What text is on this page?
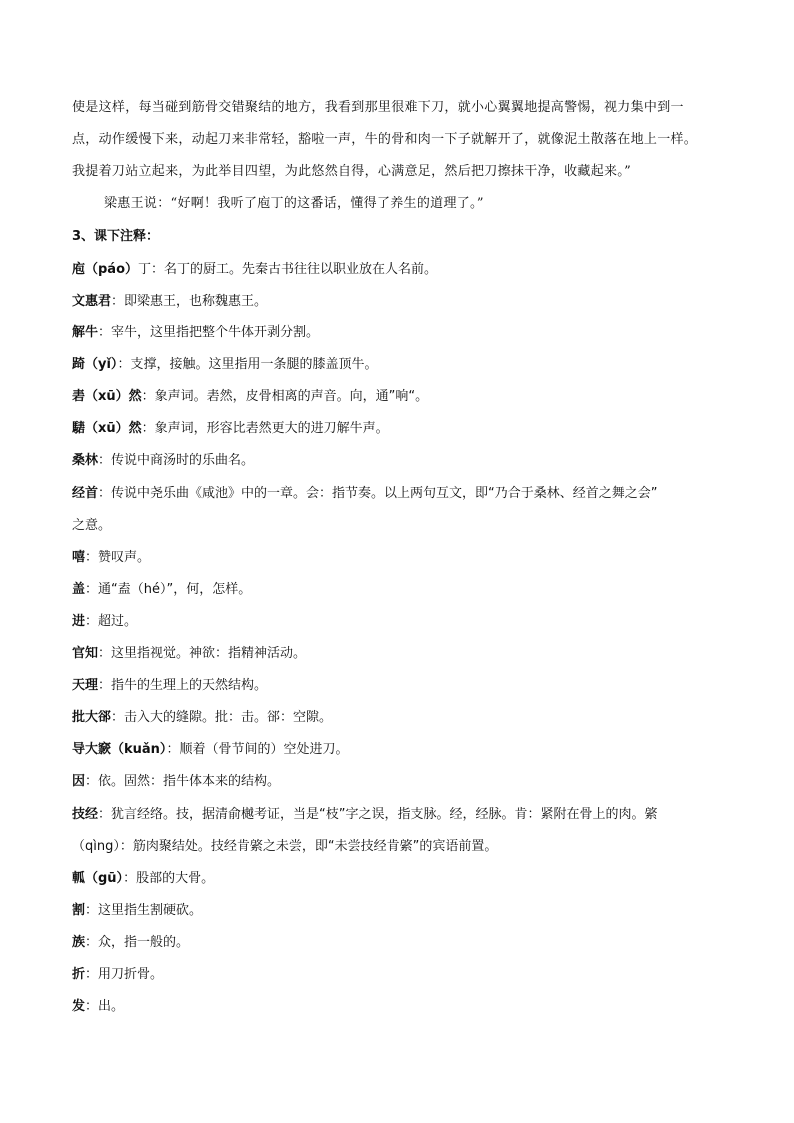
使是这样，每当碰到筋骨交错聚结的地方，我看到那里很难下刀，就小心翼翼地提高警惕，视力集中到一
点，动作缓慢下来，动起刀来非常轻，豁啦一声，牛的骨和肉一下子就解开了，就像泥土散落在地上一样。
我提着刀站立起来，为此举目四望，为此悠然自得，心满意足，然后把刀擦抹干净，收藏起来。”
梁惠王说：“好啊！我听了庖丁的这番话，懂得了养生的道理了。”
3、课下注释：
庖（páo）丁：名丁的厨工。先秦古书往往以职业放在人名前。
文惠君：即梁惠王，也称魏惠王。
解牛：宰牛，这里指把整个牛体开剥分割。
踦（yǐ）：支撑，接触。这里指用一条腿的膝盖顶牛。
砉（xū）然：象声词。砉然，皮骨相离的声音。向，通”响“。
騞（xū）然：象声词，形容比砉然更大的进刀解牛声。
桑林：传说中商汤时的乐曲名。
经首：传说中尧乐曲《咸池》中的一章。会：指节奏。以上两句互文，即“乃合于桑林、经首之舞之会”
之意。
嘻：赞叹声。
盖：通“盍（hé）”，何，怎样。
进：超过。
官知：这里指视觉。神欲：指精神活动。
天理：指牛的生理上的天然结构。
批大郤：击入大的缝隙。批：击。郤：空隙。
导大窾（kuǎn）：顺着（骨节间的）空处进刀。
因：依。固然：指牛体本来的结构。
技经：犹言经络。技，据清俞樾考证，当是“枝”字之误，指支脉。经，经脉。肯：紧附在骨上的肉。綮
（qìng）：筋肉聚结处。技经肯綮之未尝，即“未尝技经肯綮”的宾语前置。
軱（gū）：股部的大骨。
割：这里指生割硬砍。
族：众，指一般的。
折：用刀折骨。
发：出。
